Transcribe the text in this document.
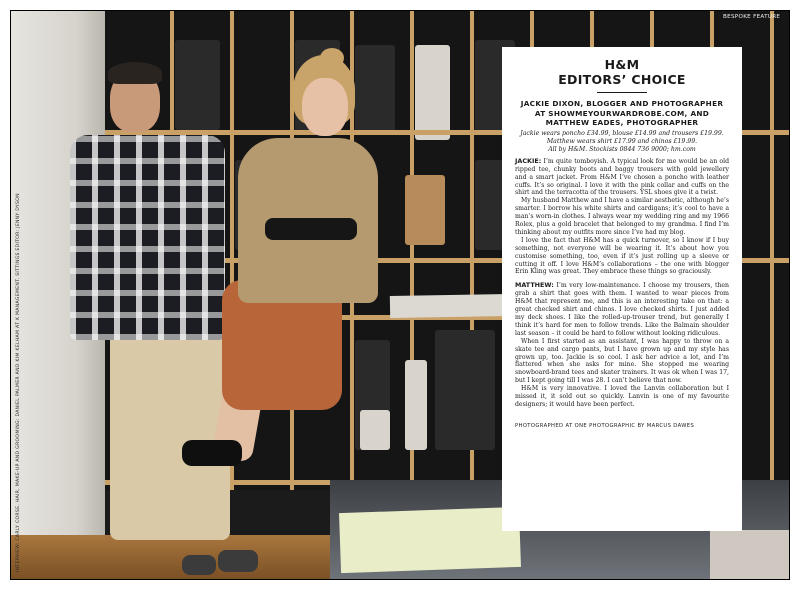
BESPOKE FEATURE
INTERVIEW: CARLY CORSE. HAIR, MAKE-UP AND GROOMING: DANIEL PALMER AND KIM KELHAM AT K MANAGEMENT. SITTINGS EDITOR: JENNY DYSON
H&M
EDITORS’ CHOICE
JACKIE DIXON, BLOGGER AND PHOTOGRAPHER
AT SHOWMEYOURWARDROBE.COM, AND
MATTHEW EADES, PHOTOGRAPHER
Jackie wears poncho £34.99, blouse £14.99 and trousers £19.99.
Matthew wears shirt £17.99 and chinos £19.99.
All by H&M. Stockists 0844 736 9000; hm.com

JACKIE: I’m quite tomboyish. A typical look for me would be an old ripped tee, chunky boots and baggy trousers with gold jewellery and a smart jacket. From H&M I’ve chosen a poncho with leather cuffs. It’s so original. I love it with the pink collar and cuffs on the shirt and the terracotta of the trousers. YSL shoes give it a twist.

My husband Matthew and I have a similar aesthetic, although he’s smarter. I borrow his white shirts and cardigans; it’s cool to have a man’s worn-in clothes. I always wear my wedding ring and my 1966 Rolex, plus a gold bracelet that belonged to my grandma. I find I’m thinking about my outfits more since I’ve had my blog.

I love the fact that H&M has a quick turnover, so I know if I buy something, not everyone will be wearing it. It’s about how you customise something, too, even if it’s just rolling up a sleeve or cutting it off. I love H&M’s collaborations – the one with blogger Erin Kling was great. They embrace these things so graciously.

MATTHEW: I’m very low-maintenance. I choose my trousers, then grab a shirt that goes with them. I wanted to wear pieces from H&M that represent me, and this is an interesting take on that: a great checked shirt and chinos. I love checked shirts. I just added my deck shoes. I like the rolled-up-trouser trend, but generally I think it’s hard for men to follow trends. Like the Balmain shoulder last season – it could be hard to follow without looking ridiculous.

When I first started as an assistant, I was happy to throw on a skate tee and cargo pants, but I have grown up and my style has grown up, too. Jackie is so cool. I ask her advice a lot, and I’m flattered when she asks for mine. She stopped me wearing snowboard-brand tees and skater trainers. It was ok when I was 17, but I kept going till I was 28. I can’t believe that now.

H&M is very innovative. I loved the Lanvin collaboration but I missed it, it sold out so quickly. Lanvin is one of my favourite designers; it would have been perfect.

PHOTOGRAPHED AT ONE PHOTOGRAPHIC BY MARCUS DAWES
